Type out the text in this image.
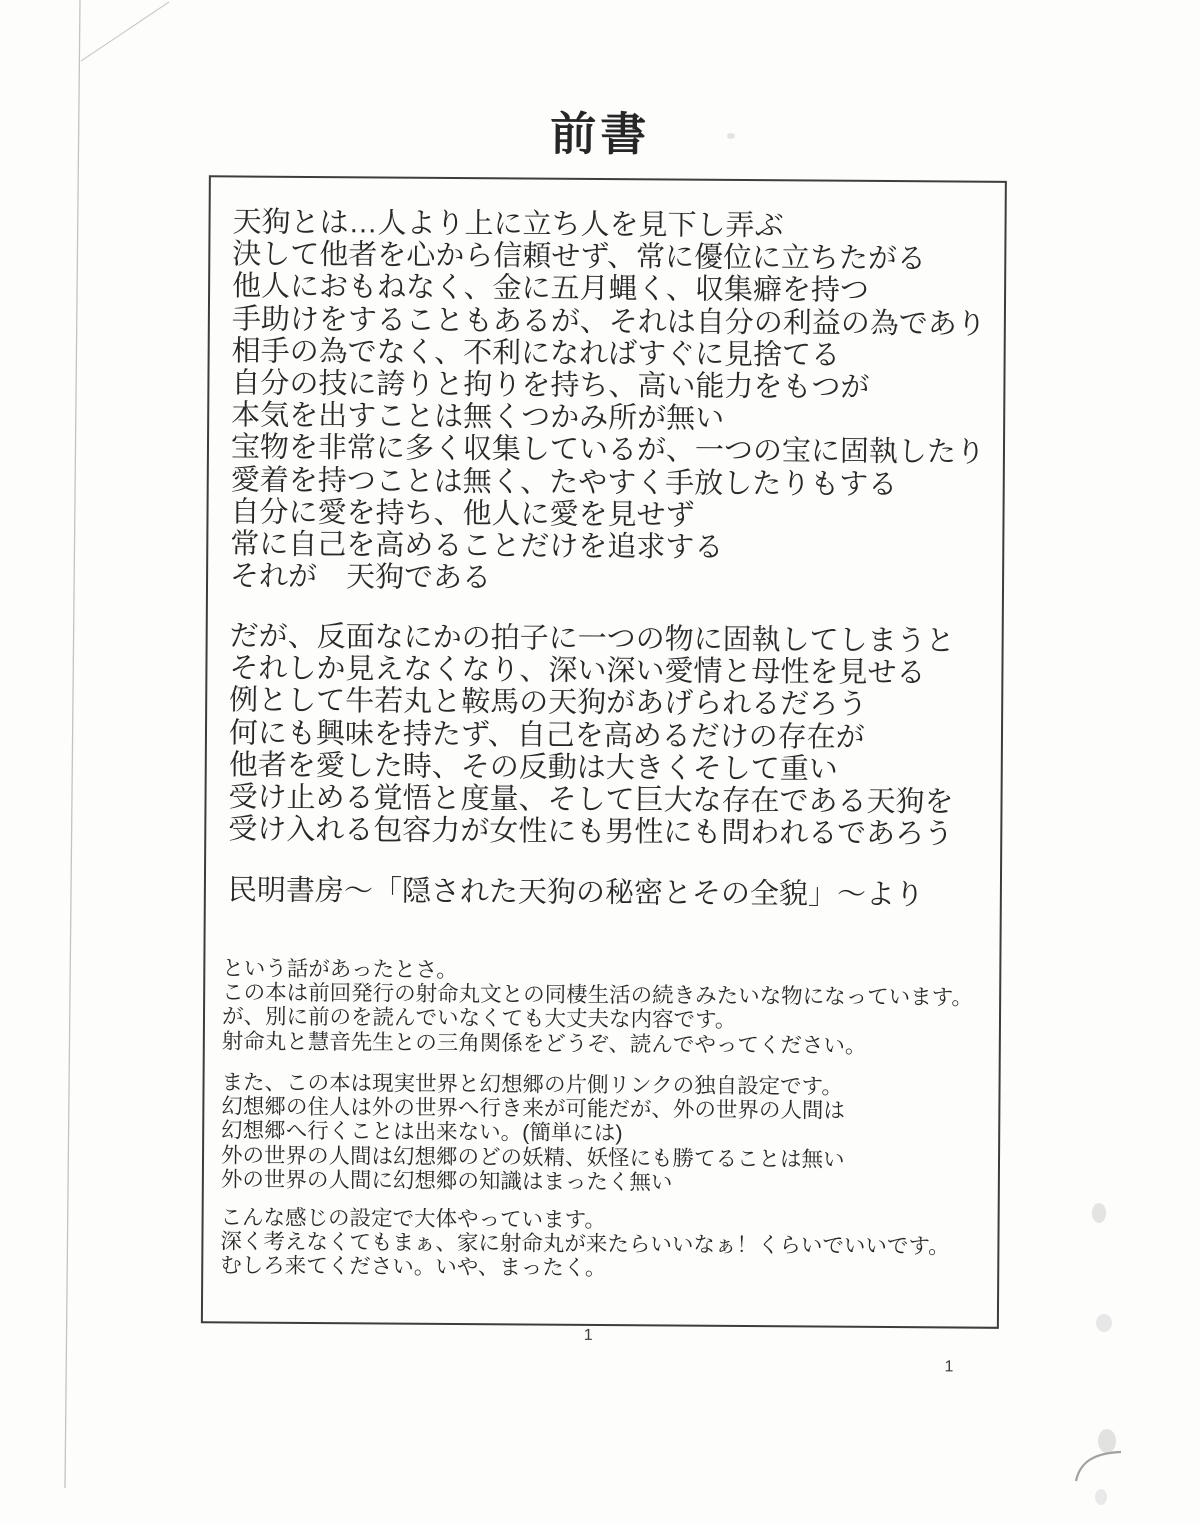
前書
天狗とは…人より上に立ち人を見下し弄ぶ
決して他者を心から信頼せず、常に優位に立ちたがる
他人におもねなく、金に五月蝿く、収集癖を持つ
手助けをすることもあるが、それは自分の利益の為であり
相手の為でなく、不利になればすぐに見捨てる
自分の技に誇りと拘りを持ち、高い能力をもつが
本気を出すことは無くつかみ所が無い
宝物を非常に多く収集しているが、一つの宝に固執したり
愛着を持つことは無く、たやすく手放したりもする
自分に愛を持ち、他人に愛を見せず
常に自己を高めることだけを追求する
それが　天狗である
だが、反面なにかの拍子に一つの物に固執してしまうと
それしか見えなくなり、深い深い愛情と母性を見せる
例として牛若丸と鞍馬の天狗があげられるだろう
何にも興味を持たず、自己を高めるだけの存在が
他者を愛した時、その反動は大きくそして重い
受け止める覚悟と度量、そして巨大な存在である天狗を
受け入れる包容力が女性にも男性にも問われるであろう
民明書房～「隠された天狗の秘密とその全貌」～より
という話があったとさ。
この本は前回発行の射命丸文との同棲生活の続きみたいな物になっています。
が、別に前のを読んでいなくても大丈夫な内容です。
射命丸と慧音先生との三角関係をどうぞ、読んでやってください。
また、この本は現実世界と幻想郷の片側リンクの独自設定です。
幻想郷の住人は外の世界へ行き来が可能だが、外の世界の人間は
幻想郷へ行くことは出来ない。(簡単には)
外の世界の人間は幻想郷のどの妖精、妖怪にも勝てることは無い
外の世界の人間に幻想郷の知識はまったく無い
こんな感じの設定で大体やっています。
深く考えなくてもまぁ、家に射命丸が来たらいいなぁ！くらいでいいです。
むしろ来てください。いや、まったく。
1
1
